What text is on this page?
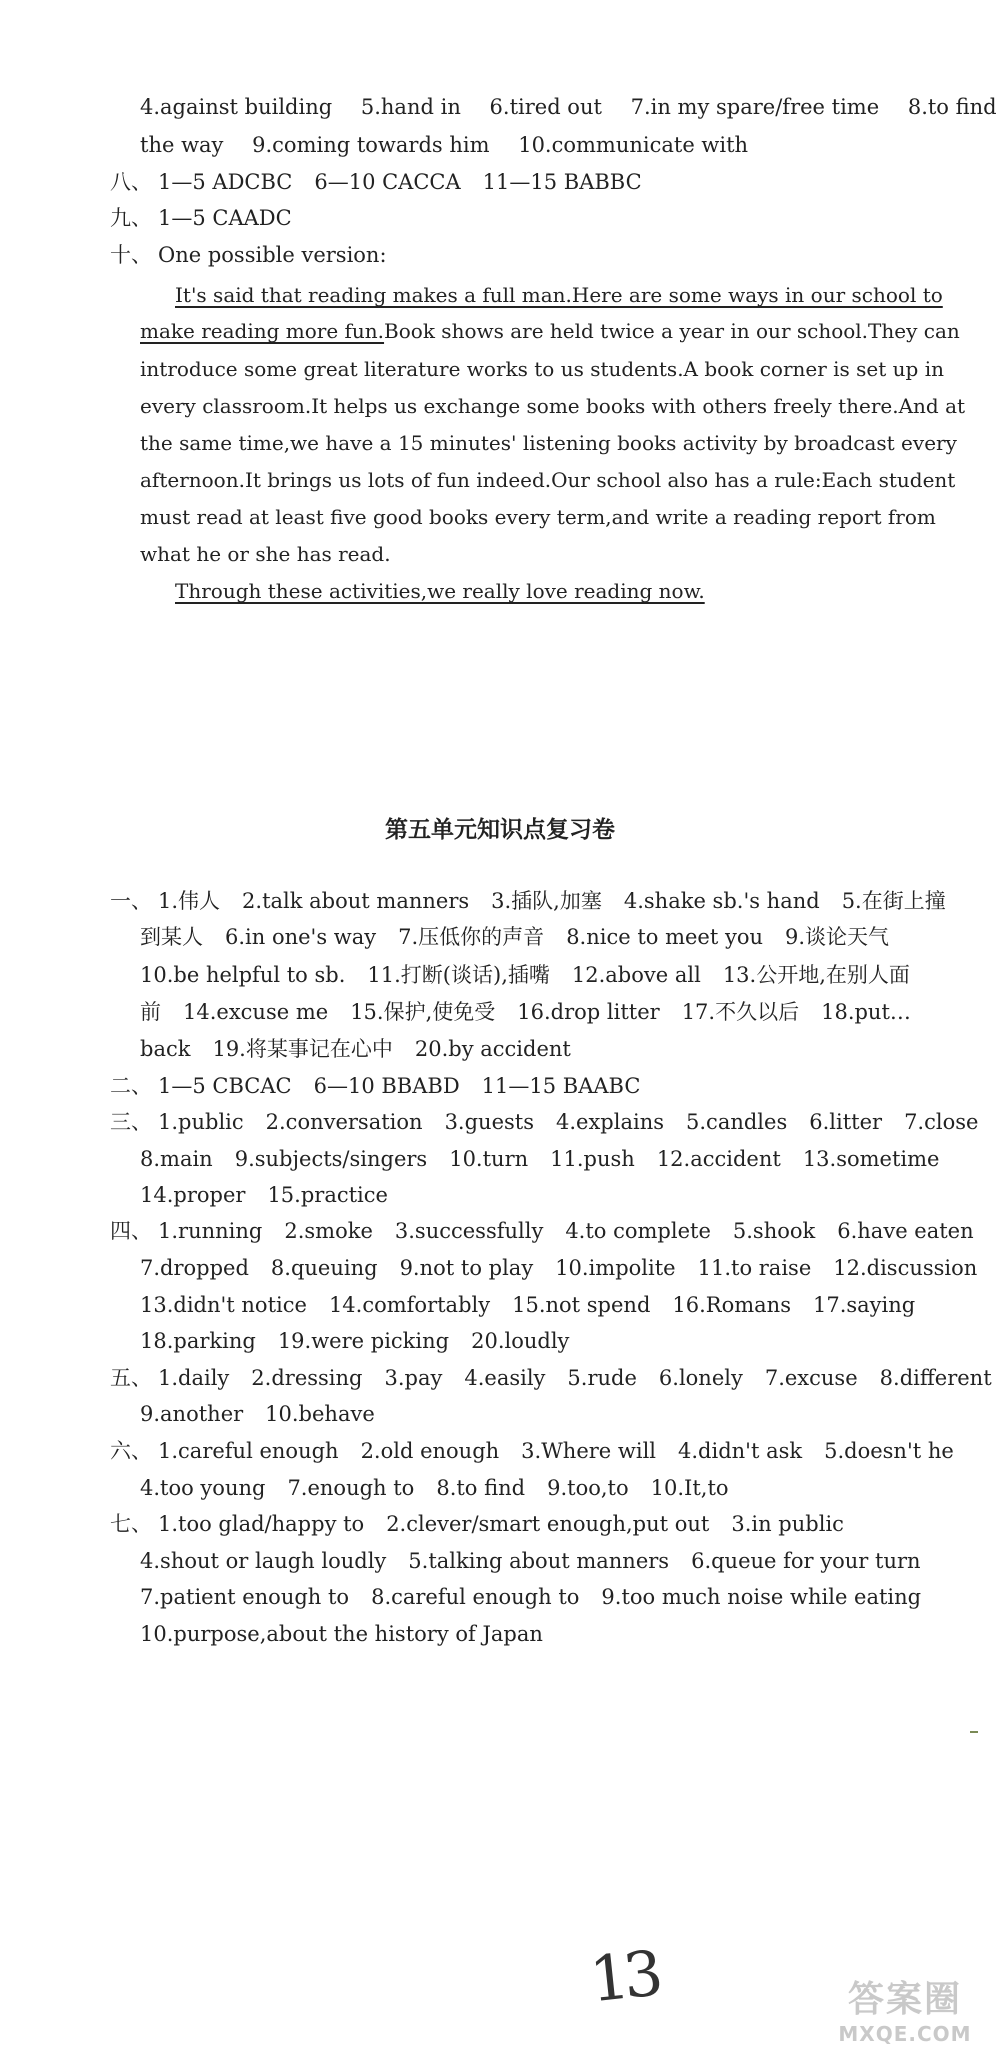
4.against building 5.hand in 6.tired out 7.in my spare/free time 8.to find
the way 9.coming towards him 10.communicate with
八、 1—5 ADCBC 6—10 CACCA 11—15 BABBC
九、 1—5 CAADC
十、 One possible version:
It's said that reading makes a full man.Here are some ways in our school to
make reading more fun.Book shows are held twice a year in our school.They can
introduce some great literature works to us students.A book corner is set up in
every classroom.It helps us exchange some books with others freely there.And at
the same time,we have a 15 minutes' listening books activity by broadcast every
afternoon.It brings us lots of fun indeed.Our school also has a rule:Each student
must read at least five good books every term,and write a reading report from
what he or she has read.
Through these activities,we really love reading now.
第五单元知识点复习卷
一、 1.伟人 2.talk about manners 3.插队,加塞 4.shake sb.'s hand 5.在街上撞
到某人 6.in one's way 7.压低你的声音 8.nice to meet you 9.谈论天气
10.be helpful to sb. 11.打断(谈话),插嘴 12.above all 13.公开地,在别人面
前 14.excuse me 15.保护,使免受 16.drop litter 17.不久以后 18.put…
back 19.将某事记在心中 20.by accident
二、 1—5 CBCAC 6—10 BBABD 11—15 BAABC
三、 1.public 2.conversation 3.guests 4.explains 5.candles 6.litter 7.close
8.main 9.subjects/singers 10.turn 11.push 12.accident 13.sometime
14.proper 15.practice
四、 1.running 2.smoke 3.successfully 4.to complete 5.shook 6.have eaten
7.dropped 8.queuing 9.not to play 10.impolite 11.to raise 12.discussion
13.didn't notice 14.comfortably 15.not spend 16.Romans 17.saying
18.parking 19.were picking 20.loudly
五、 1.daily 2.dressing 3.pay 4.easily 5.rude 6.lonely 7.excuse 8.different
9.another 10.behave
六、 1.careful enough 2.old enough 3.Where will 4.didn't ask 5.doesn't he
4.too young 7.enough to 8.to find 9.too,to 10.It,to
七、 1.too glad/happy to 2.clever/smart enough,put out 3.in public
4.shout or laugh loudly 5.talking about manners 6.queue for your turn
7.patient enough to 8.careful enough to 9.too much noise while eating
10.purpose,about the history of Japan
13	答案圈
MXQE.COM
